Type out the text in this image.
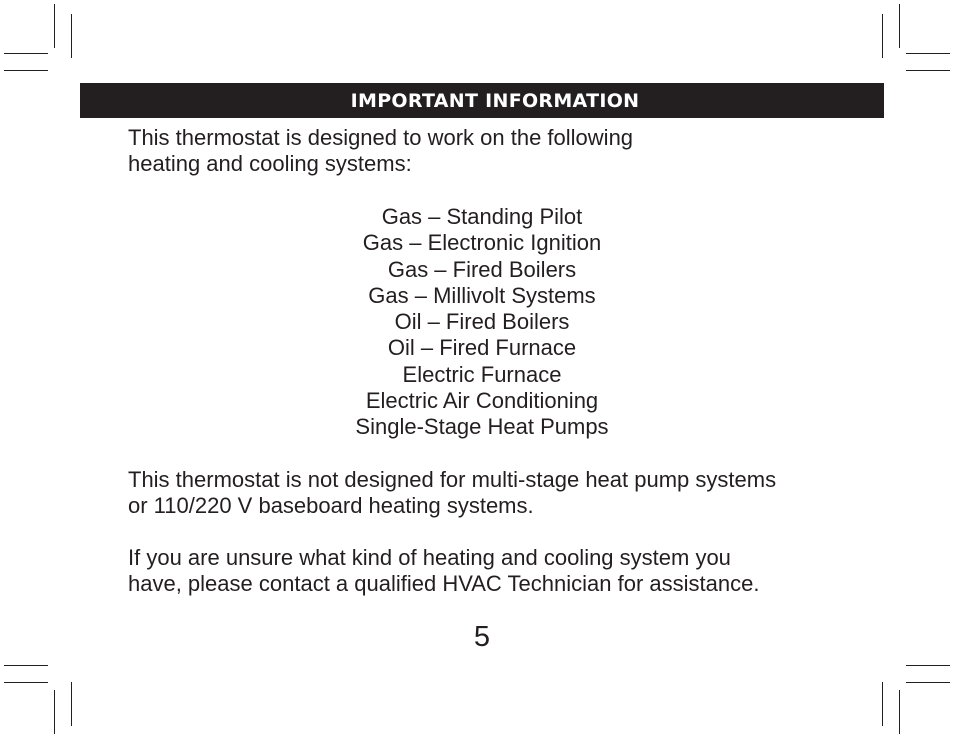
IMPORTANT INFORMATION

This thermostat is designed to work on the following
heating and cooling systems:

Gas – Standing Pilot
Gas – Electronic Ignition
Gas – Fired Boilers
Gas – Millivolt Systems
Oil – Fired Boilers
Oil – Fired Furnace
Electric Furnace
Electric Air Conditioning
Single-Stage Heat Pumps

This thermostat is not designed for multi-stage heat pump systems
or 110/220 V baseboard heating systems.

If you are unsure what kind of heating and cooling system you
have, please contact a qualified HVAC Technician for assistance.

5
